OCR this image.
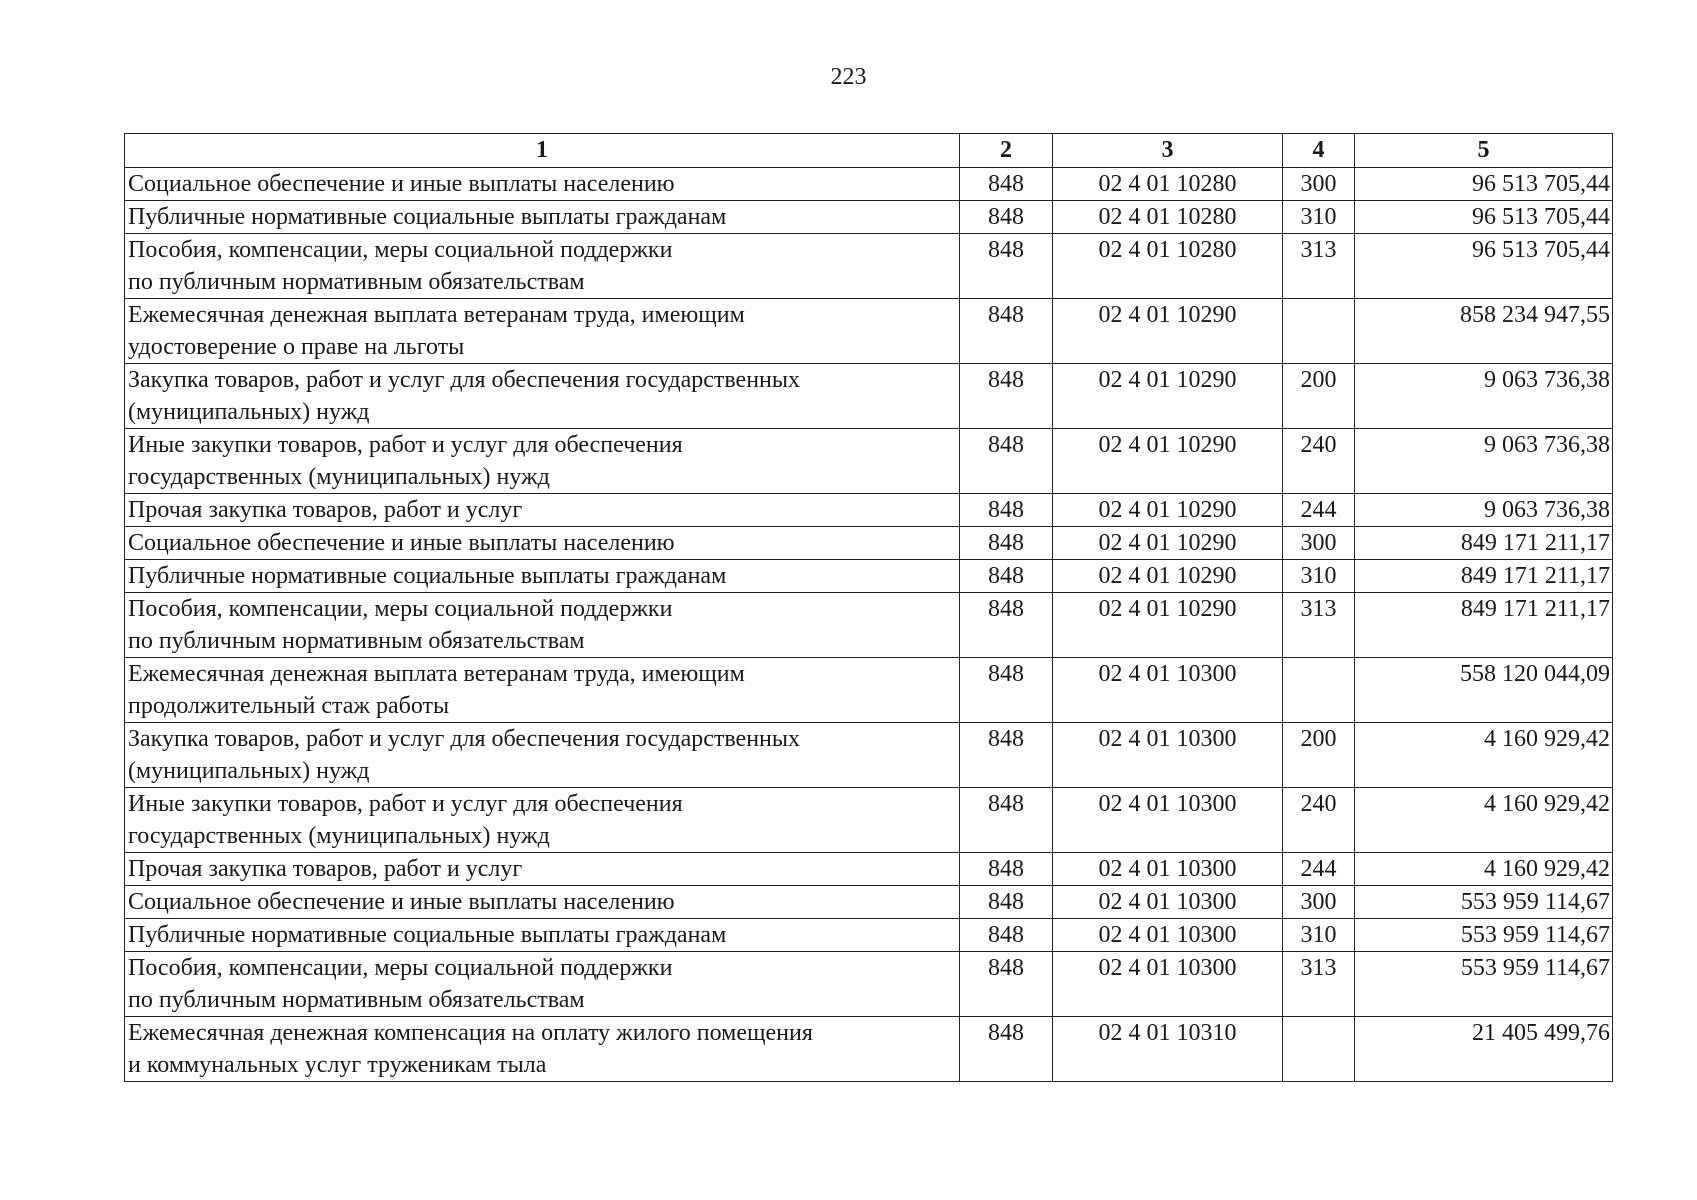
223
1	2	3	4	5

Социальное обеспечение и иные выплаты населению	848	02 4 01 10280	300	96 513 705,44

Публичные нормативные социальные выплаты гражданам	848	02 4 01 10280	310	96 513 705,44

Пособия, компенсации, меры социальной поддержки
по публичным нормативным обязательствам	848	02 4 01 10280	313	96 513 705,44

Ежемесячная денежная выплата ветеранам труда, имеющим
удостоверение о праве на льготы	848	02 4 01 10290		858 234 947,55

Закупка товаров, работ и услуг для обеспечения государственных
(муниципальных) нужд	848	02 4 01 10290	200	9 063 736,38

Иные закупки товаров, работ и услуг для обеспечения
государственных (муниципальных) нужд	848	02 4 01 10290	240	9 063 736,38

Прочая закупка товаров, работ и услуг	848	02 4 01 10290	244	9 063 736,38

Социальное обеспечение и иные выплаты населению	848	02 4 01 10290	300	849 171 211,17

Публичные нормативные социальные выплаты гражданам	848	02 4 01 10290	310	849 171 211,17

Пособия, компенсации, меры социальной поддержки
по публичным нормативным обязательствам	848	02 4 01 10290	313	849 171 211,17

Ежемесячная денежная выплата ветеранам труда, имеющим
продолжительный стаж работы	848	02 4 01 10300		558 120 044,09

Закупка товаров, работ и услуг для обеспечения государственных
(муниципальных) нужд	848	02 4 01 10300	200	4 160 929,42

Иные закупки товаров, работ и услуг для обеспечения
государственных (муниципальных) нужд	848	02 4 01 10300	240	4 160 929,42

Прочая закупка товаров, работ и услуг	848	02 4 01 10300	244	4 160 929,42

Социальное обеспечение и иные выплаты населению	848	02 4 01 10300	300	553 959 114,67

Публичные нормативные социальные выплаты гражданам	848	02 4 01 10300	310	553 959 114,67

Пособия, компенсации, меры социальной поддержки
по публичным нормативным обязательствам	848	02 4 01 10300	313	553 959 114,67

Ежемесячная денежная компенсация на оплату жилого помещения
и коммунальных услуг труженикам тыла	848	02 4 01 10310		21 405 499,76
